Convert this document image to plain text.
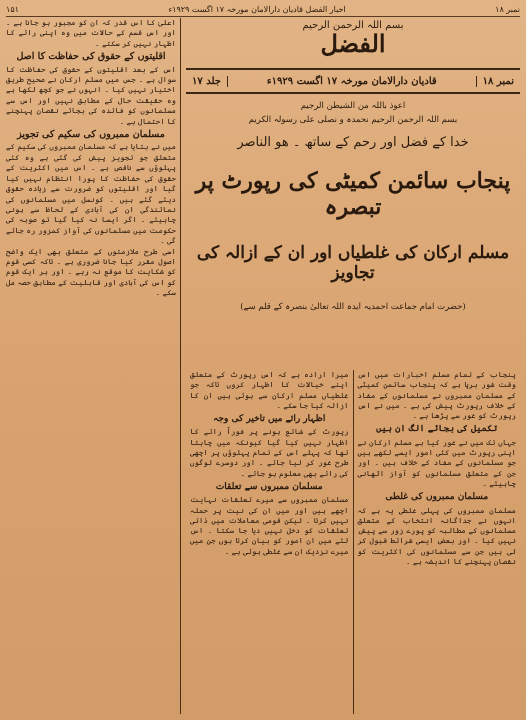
نمبر ۱۸
اخبار الفضل قادیان دارالامان مورخہ ۱۷ اگست ۱۹۲۹ء
۱۵۱

اعلیٰ کا اس قدر کہ ان کو مجبور ہو جانا ہے ۔ اور اس قسم کے حالات میں وہ اپنی رائے کا اظہار نہیں کر سکتے ۔

اقلیتوں کے حقوق کی حفاظت کا اصل

اس کے بعد اقلیتوں کے حقوق کی حفاظت کا سوال ہے ۔ جس میں مسلم ارکان نے صحیح طریق اختیار نہیں کیا ۔ انہوں نے جو کچھ لکھا ہے وہ حقیقت حال کے مطابق نہیں اور اس سے مسلمانوں کو فائدہ کی بجائے نقصان پہنچنے کا احتمال ہے ۔

مسلمان ممبروں کی سکیم کی تجویز

میں نے بتایا ہے کہ مسلمان ممبروں کی سکیم کے متعلق جو تجویز پیش کی گئی ہے وہ کئی پہلوؤں سے ناقص ہے ۔ اس میں اکثریت کے حقوق کی حفاظت کا پورا انتظام نہیں کیا گیا اور اقلیتوں کو ضرورت سے زیادہ حقوق دیئے گئے ہیں ۔ کونسل میں مسلمانوں کی نمائندگی ان کی آبادی کے لحاظ سے ہونی چاہیئے ۔ اگر ایسا نہ کیا گیا تو صوبہ کی حکومت میں مسلمانوں کی آواز کمزور رہ جائے گی ۔

اسی طرح ملازمتوں کے متعلق بھی ایک واضح اصول مقرر کیا جانا ضروری ہے ۔ تاکہ کسی قوم کو شکایت کا موقع نہ رہے ۔ اور ہر ایک قوم کو اس کی آبادی اور قابلیت کے مطابق حصہ مل سکے ۔

بسم اللہ الرحمن الرحیم
الفضل
نمبر ۱۸
قادیان دارالامان مورخہ ۱۷ اگست ۱۹۲۹ء
جلد ۱۷
اعوذ باللہ من الشیطن الرجیم
بسم اللہ الرحمن الرحیم نحمدہ و نصلی علی رسولہ الکریم
خدا کے فضل اور رحم کے ساتھ ۔ ھو الناصر
پنجاب سائمن کمیٹی کی رپورٹ پر تبصرہ
مسلم ارکان کی غلطیاں اور ان کے ازالہ کی تجاویز
(حضرت امام جماعت احمدیہ ایدہ اللہ تعالیٰ بنصرہ کے قلم سے)

پنجاب کے تمام مسلم اخبارات میں اس وقت شور برپا ہے کہ پنجاب سائمن کمیٹی کے مسلمان ممبروں نے مسلمانوں کے مفاد کے خلاف رپورٹ پیش کی ہے ۔ میں نے اس رپورٹ کو غور سے پڑھا ہے ۔

تکمیل کی بجائے الگ ان ہیں

جہاں تک میں نے غور کیا ہے مسلم ارکان نے اپنی رپورٹ میں کئی امور ایسے لکھے ہیں جو مسلمانوں کے مفاد کے خلاف ہیں ۔ اور جن کے متعلق مسلمانوں کو آواز اٹھانی چاہیئے ۔

مسلمان ممبروں کی غلطی

مسلمان ممبروں کی پہلی غلطی یہ ہے کہ انہوں نے جداگانہ انتخاب کے متعلق مسلمانوں کے مطالبہ کو پورے زور سے پیش نہیں کیا ۔ اور بعض ایسی شرائط قبول کر لی ہیں جن سے مسلمانوں کی اکثریت کو نقصان پہنچنے کا اندیشہ ہے ۔

میرا ارادہ ہے کہ اس رپورٹ کے متعلق اپنے خیالات کا اظہار کروں تاکہ جو غلطیاں مسلم ارکان سے ہوئی ہیں ان کا ازالہ کیا جا سکے ۔

اظہار رائے میں تاخیر کی وجہ

رپورٹ کے شائع ہونے پر فوراً رائے کا اظہار نہیں کیا گیا کیونکہ میں چاہتا تھا کہ پہلے اس کے تمام پہلوؤں پر اچھی طرح غور کر لیا جائے ۔ اور دوسرے لوگوں کی رائے بھی معلوم ہو جائے ۔

مسلمان ممبروں سے تعلقات

مسلمان ممبروں سے میرے تعلقات نہایت اچھے ہیں اور میں ان کی نیت پر حملہ نہیں کرتا ۔ لیکن قومی معاملات میں ذاتی تعلقات کو دخل نہیں دیا جا سکتا ۔ اس لئے میں ان امور کو بیان کرتا ہوں جن میں میرے نزدیک ان سے غلطی ہوئی ہے ۔
